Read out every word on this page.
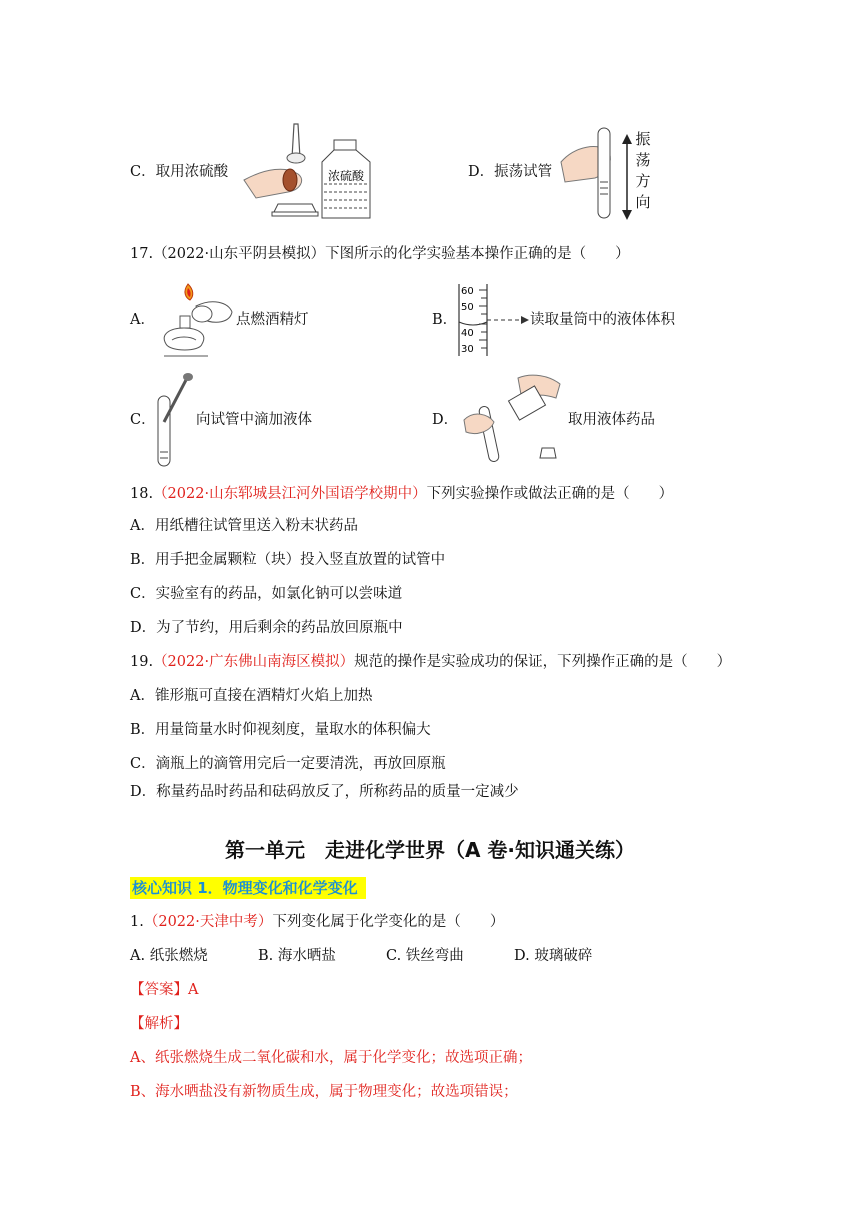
C．取用浓硫酸	浓硫酸	D．振荡试管
振
荡
方
向
17.（2022·山东平阴县模拟）下图所示的化学实验基本操作正确的是（　　）
A．	点燃酒精灯	B．
60
50
40
30
读取量筒中的液体体积
C．	向试管中滴加液体	D．	取用液体药品
18.（2022·山东郓城县江河外国语学校期中）下列实验操作或做法正确的是（　　）
A．用纸槽往试管里送入粉末状药品
B．用手把金属颗粒（块）投入竖直放置的试管中
C．实验室有的药品，如氯化钠可以尝味道
D．为了节约，用后剩余的药品放回原瓶中
19.（2022·广东佛山南海区模拟）规范的操作是实验成功的保证，下列操作正确的是（　　）
A．锥形瓶可直接在酒精灯火焰上加热
B．用量筒量水时仰视刻度，量取水的体积偏大
C．滴瓶上的滴管用完后一定要清洗，再放回原瓶
D．称量药品时药品和砝码放反了，所称药品的质量一定减少
第一单元　走进化学世界（A 卷·知识通关练）
核心知识 1．物理变化和化学变化
1.（2022·天津中考）下列变化属于化学变化的是（　　）
A. 纸张燃烧	B. 海水晒盐	C. 铁丝弯曲	D. 玻璃破碎
【答案】A
【解析】
A、纸张燃烧生成二氧化碳和水，属于化学变化；故选项正确；
B、海水晒盐没有新物质生成，属于物理变化；故选项错误；
